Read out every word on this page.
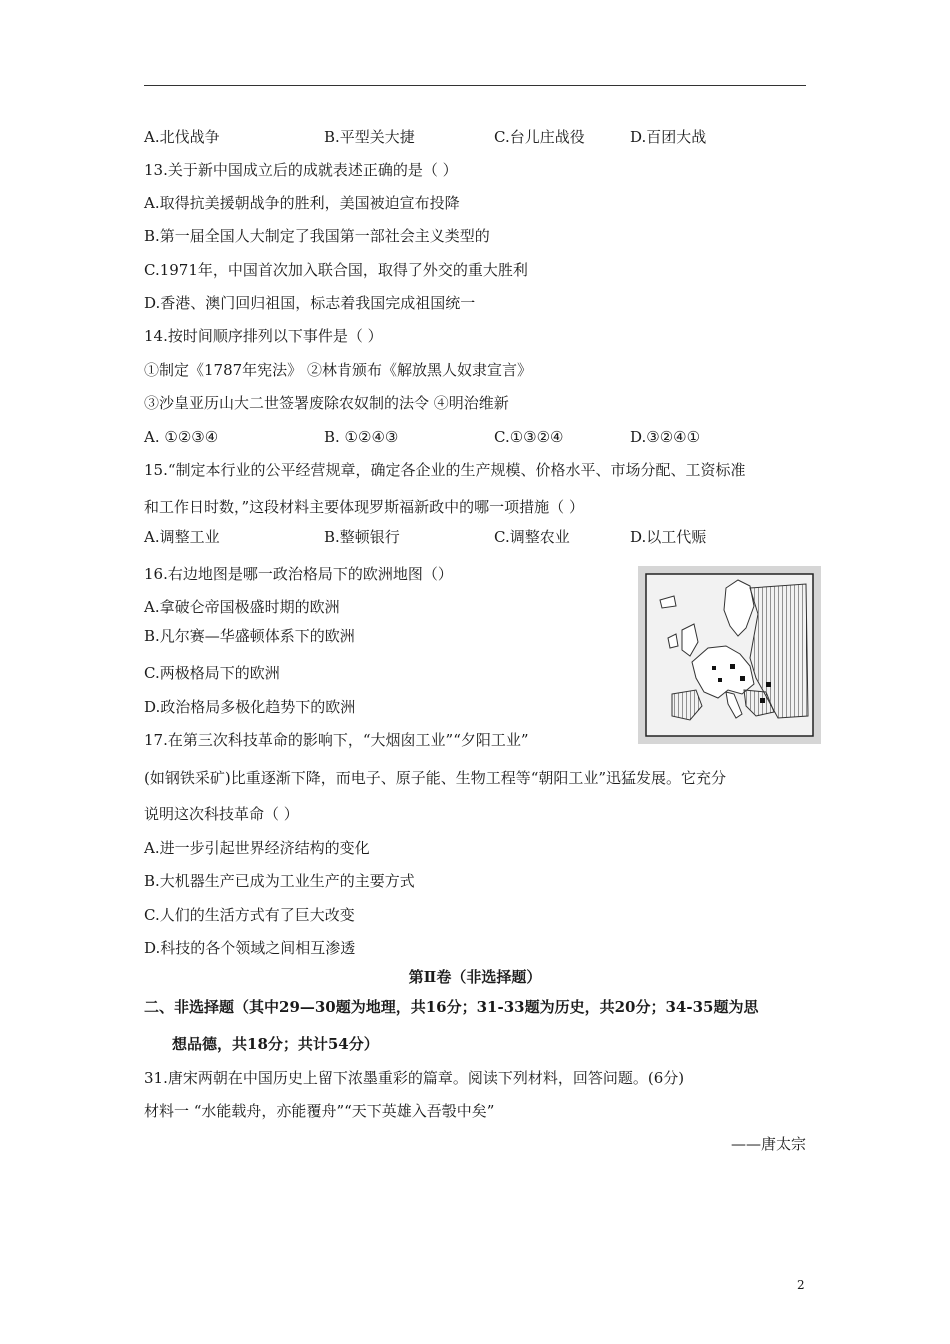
A.北伐战争	B.平型关大捷	C.台儿庄战役	D.百团大战
13.关于新中国成立后的成就表述正确的是（ ）
A.取得抗美援朝战争的胜利，美国被迫宣布投降
B.第一届全国人大制定了我国第一部社会主义类型的
C.1971年，中国首次加入联合国，取得了外交的重大胜利
D.香港、澳门回归祖国，标志着我国完成祖国统一
14.按时间顺序排列以下事件是（ ）
①制定《1787年宪法》 ②林肯颁布《解放黑人奴隶宣言》
③沙皇亚历山大二世签署废除农奴制的法令 ④明治维新
A. ①②③④	B. ①②④③	C.①③②④	D.③②④①
15.“制定本行业的公平经营规章，确定各企业的生产规模、价格水平、市场分配、工资标准
和工作日时数，”这段材料主要体现罗斯福新政中的哪一项措施（ ）
A.调整工业	B.整顿银行	C.调整农业	D.以工代赈
16.右边地图是哪一政治格局下的欧洲地图（）
A.拿破仑帝国极盛时期的欧洲
B.凡尔赛—华盛顿体系下的欧洲
C.两极格局下的欧洲
D.政治格局多极化趋势下的欧洲
17.在第三次科技革命的影响下，“大烟囱工业”“夕阳工业”
(如钢铁采矿)比重逐渐下降，而电子、原子能、生物工程等“朝阳工业”迅猛发展。它充分
说明这次科技革命（ ）
A.进一步引起世界经济结构的变化
B.大机器生产已成为工业生产的主要方式
C.人们的生活方式有了巨大改变
D.科技的各个领域之间相互渗透
第Ⅱ卷（非选择题）
二、非选择题（其中29—30题为地理，共16分；31-33题为历史，共20分；34-35题为思
想品德，共18分；共计54分）
31.唐宋两朝在中国历史上留下浓墨重彩的篇章。阅读下列材料，回答问题。(6分)
材料一 “水能载舟，亦能覆舟”“天下英雄入吾彀中矣”
——唐太宗
2
